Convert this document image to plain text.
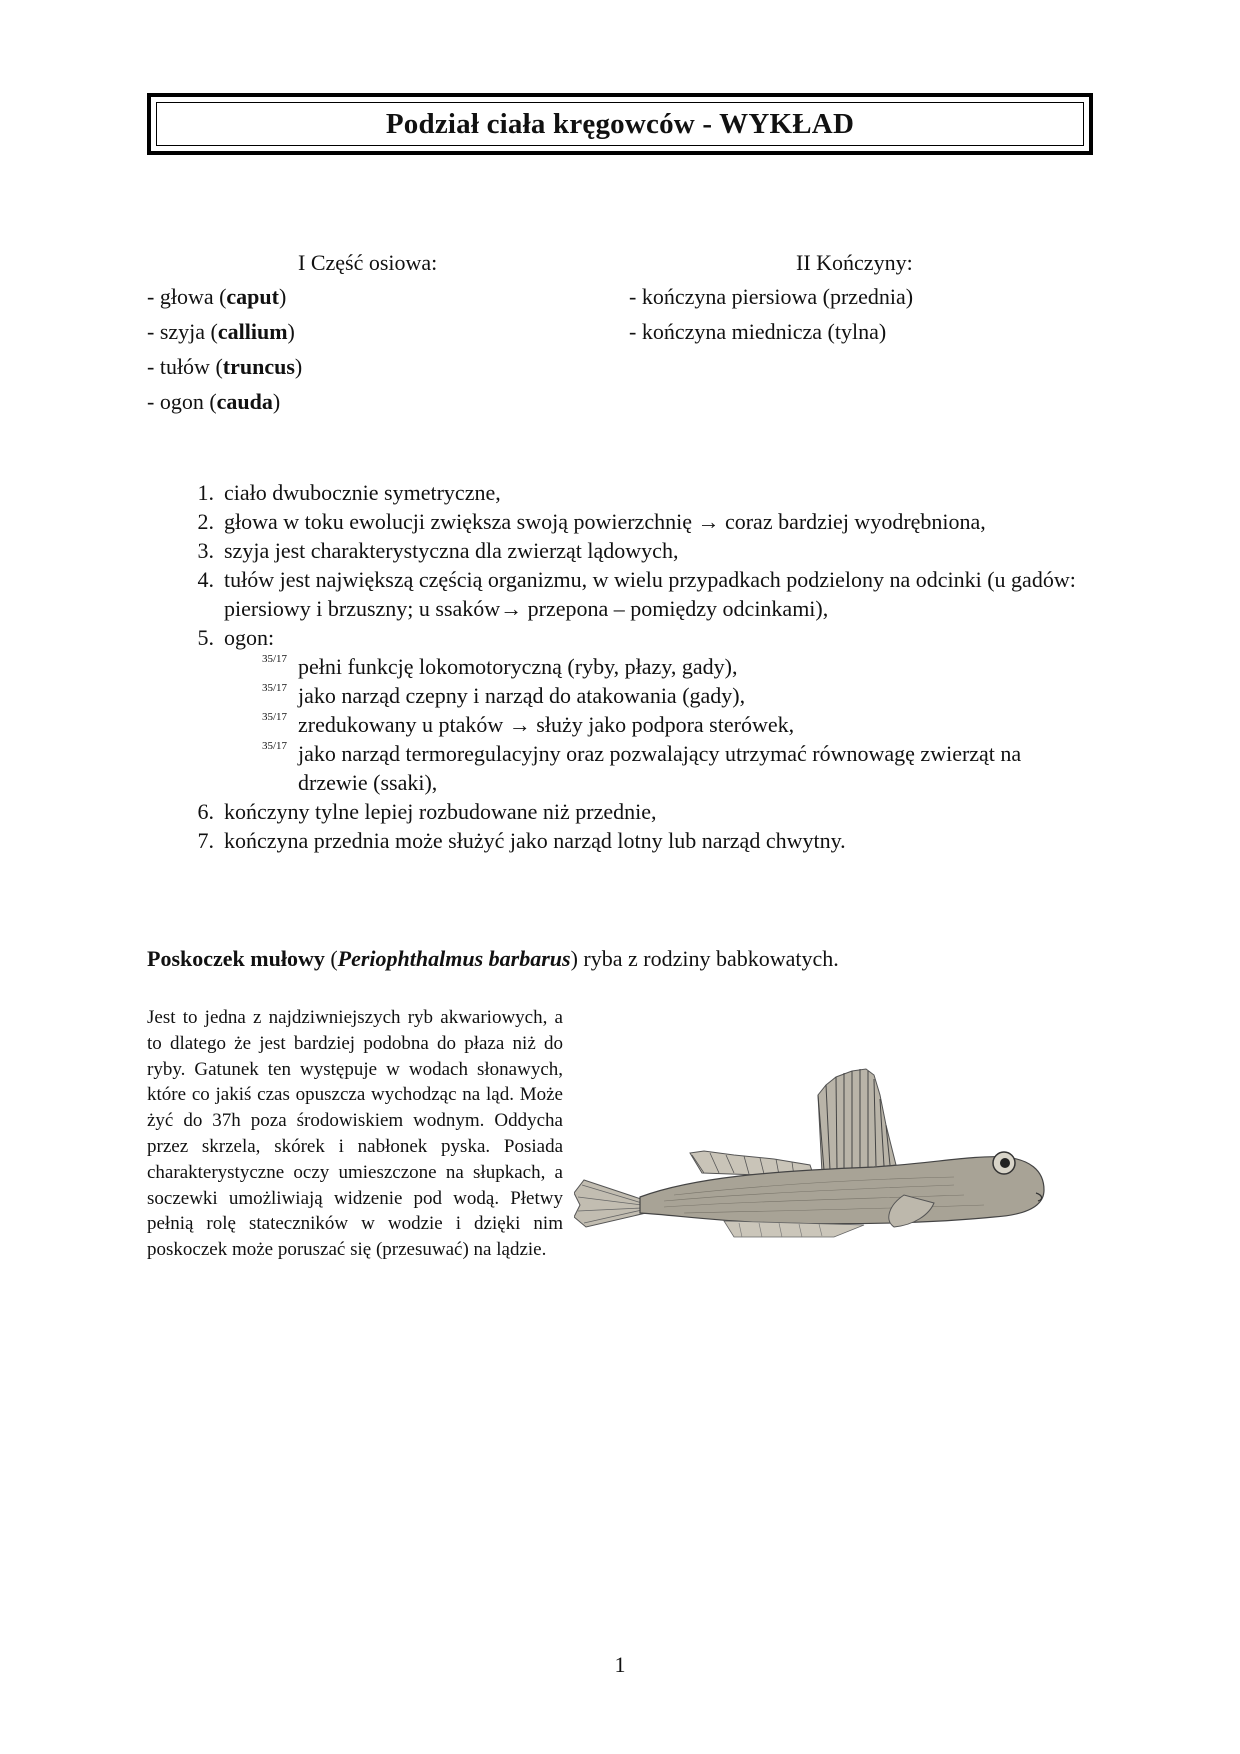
Podział ciała kręgowców - WYKŁAD
I Część osiowa:	II Kończyny:
- głowa (caput)
- szyja (callium)
- tułów (truncus)
- ogon (cauda)
- kończyna piersiowa (przednia)
- kończyna miednicza (tylna)
1. ciało dwubocznie symetryczne,
2. głowa w toku ewolucji zwiększa swoją powierzchnię → coraz bardziej wyodrębniona,
3. szyja jest charakterystyczna dla zwierząt lądowych,
4. tułów jest największą częścią organizmu, w wielu przypadkach podzielony na odcinki (u gadów: piersiowy i brzuszny; u ssaków→ przepona – pomiędzy odcinkami),
5. ogon:
35/17 pełni funkcję lokomotoryczną (ryby, płazy, gady),
35/17 jako narząd czepny i narząd do atakowania (gady),
35/17 zredukowany u ptaków → służy jako podpora sterówek,
35/17 jako narząd termoregulacyjny oraz pozwalający utrzymać równowagę zwierząt na drzewie (ssaki),
6. kończyny tylne lepiej rozbudowane niż przednie,
7. kończyna przednia może służyć jako narząd lotny lub narząd chwytny.
Poskoczek mułowy (Periophthalmus barbarus) ryba z rodziny babkowatych.
Jest to jedna z najdziwniejszych ryb akwariowych, a to dlatego że jest bardziej podobna do płaza niż do ryby. Gatunek ten występuje w wodach słonawych, które co jakiś czas opuszcza wychodząc na ląd. Może żyć do 37h poza środowiskiem wodnym. Oddycha przez skrzela, skórek i nabłonek pyska. Posiada charakterystyczne oczy umieszczone na słupkach, a soczewki umożliwiają widzenie pod wodą. Płetwy pełnią rolę stateczników w wodzie i dzięki nim poskoczek może poruszać się (przesuwać) na lądzie.
1
